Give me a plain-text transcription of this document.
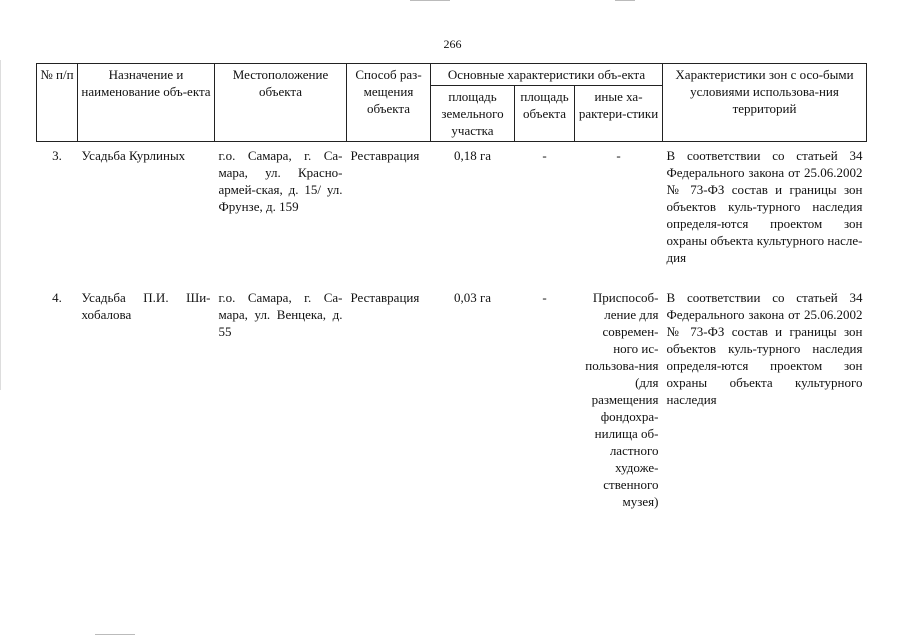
266
№ п/п	Назначение и наименование объ-екта	Местоположение объекта	Способ раз-мещения объекта	Основные характеристики объ-екта			Характеристики зон с осо-быми условиями использова-ния территорий
				площадь земельного участка	площадь объекта	иные ха-рактери-стики	
3.	Усадьба Курлиных	г.о. Самара, г. Са-мара, ул. Красно-армей-ская, д. 15/ ул. Фрунзе, д. 159	Реставрация	0,18 га	-	-	В соответствии со статьей 34 Федерального закона от 25.06.2002 № 73-ФЗ состав и границы зон объектов куль-турного наследия определя-ются проектом зон охраны объекта культурного насле-дия
4.	Усадьба П.И. Ши-хобалова	г.о. Самара, г. Са-мара, ул. Венцека, д. 55	Реставрация	0,03 га	-	Приспособ-ление для современ-ного ис-пользова-ния (для размещения фондохра-нилища об-ластного художе-ственного музея)	В соответствии со статьей 34 Федерального закона от 25.06.2002 № 73-ФЗ состав и границы зон объектов куль-турного наследия определя-ются проектом зон охраны объекта культурного наследия
